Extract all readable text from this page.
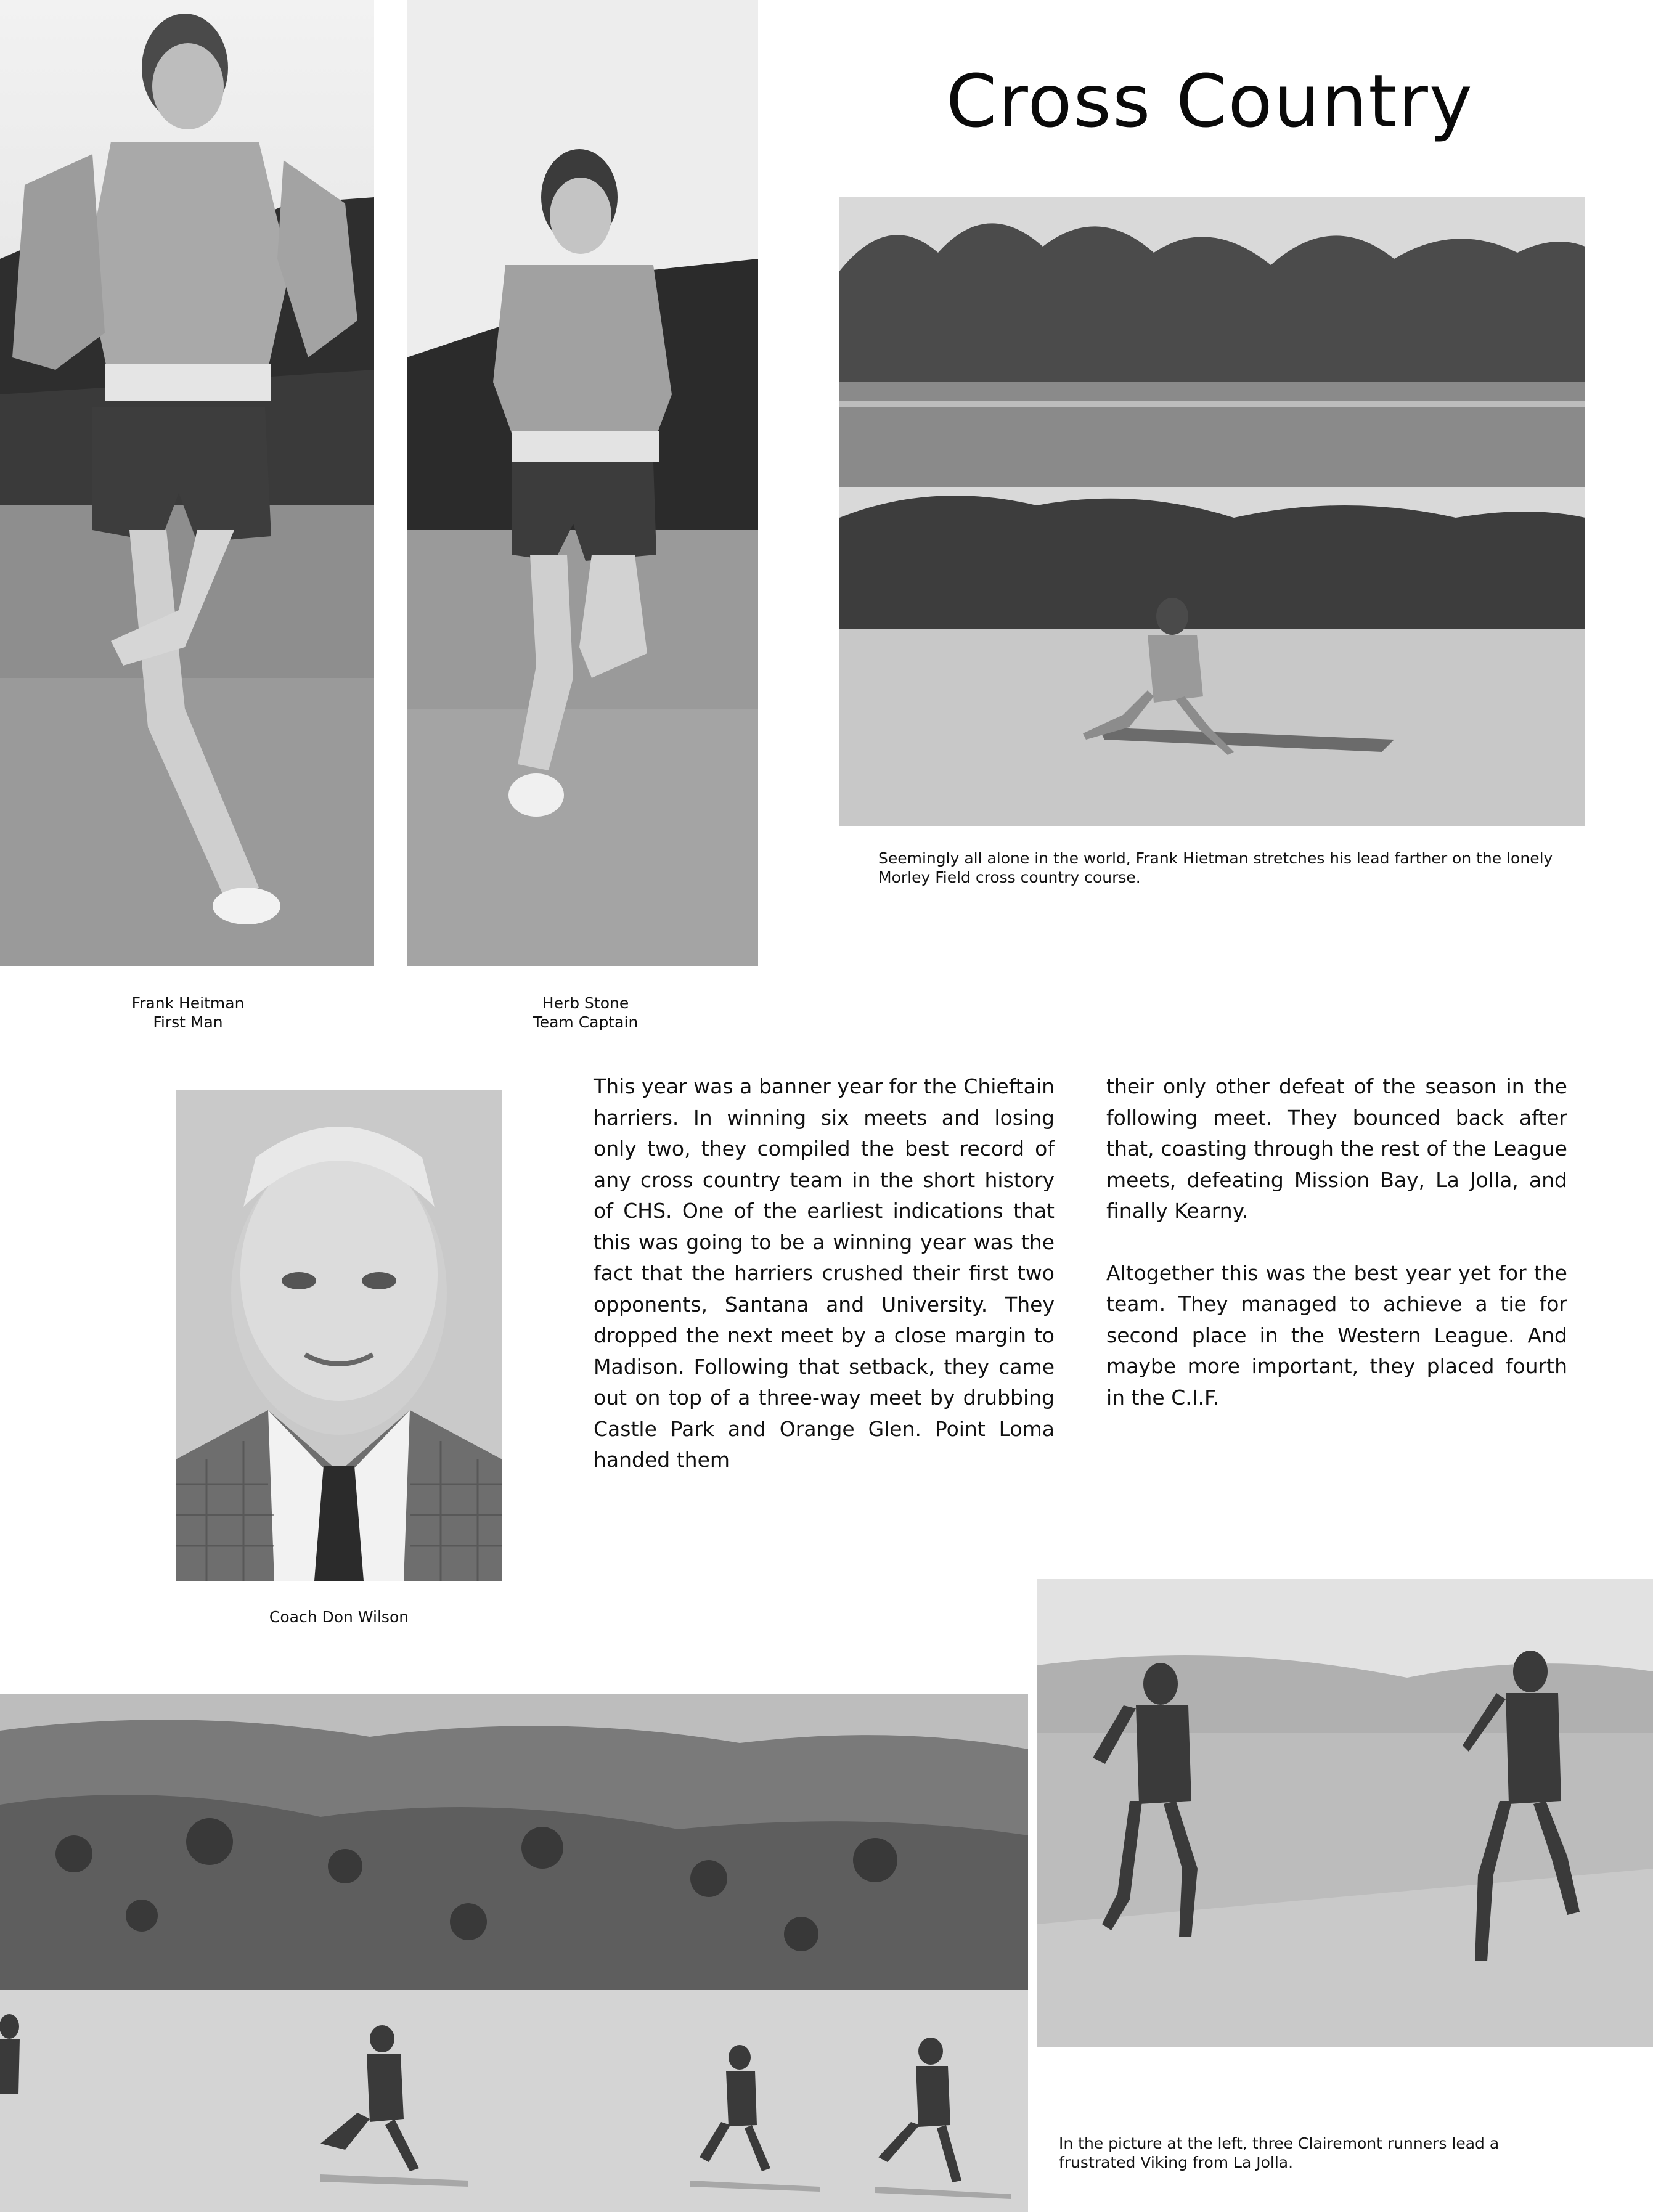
Cross Country
Frank Heitman
First Man
Herb Stone
Team Captain
Seemingly all alone in the world, Frank Hietman stretches his lead farther on the lonely Morley Field cross country course.
Coach Don Wilson

This year was a banner year for the Chieftain harriers. In winning six meets and losing only two, they compiled the best record of any cross country team in the short history of CHS. One of the earliest indications that this was going to be a winning year was the fact that the harriers crushed their first two opponents, Santana and University. They dropped the next meet by a close margin to Madison. Following that setback, they came out on top of a three-way meet by drubbing Castle Park and Orange Glen. Point Loma handed them

their only other defeat of the season in the following meet. They bounced back after that, coasting through the rest of the League meets, defeating Mission Bay, La Jolla, and finally Kearny.

Altogether this was the best year yet for the team. They managed to achieve a tie for second place in the Western League. And maybe more important, they placed fourth in the C.I.F.

In the picture at the left, three Clairemont runners lead a frustrated Viking from La Jolla.
